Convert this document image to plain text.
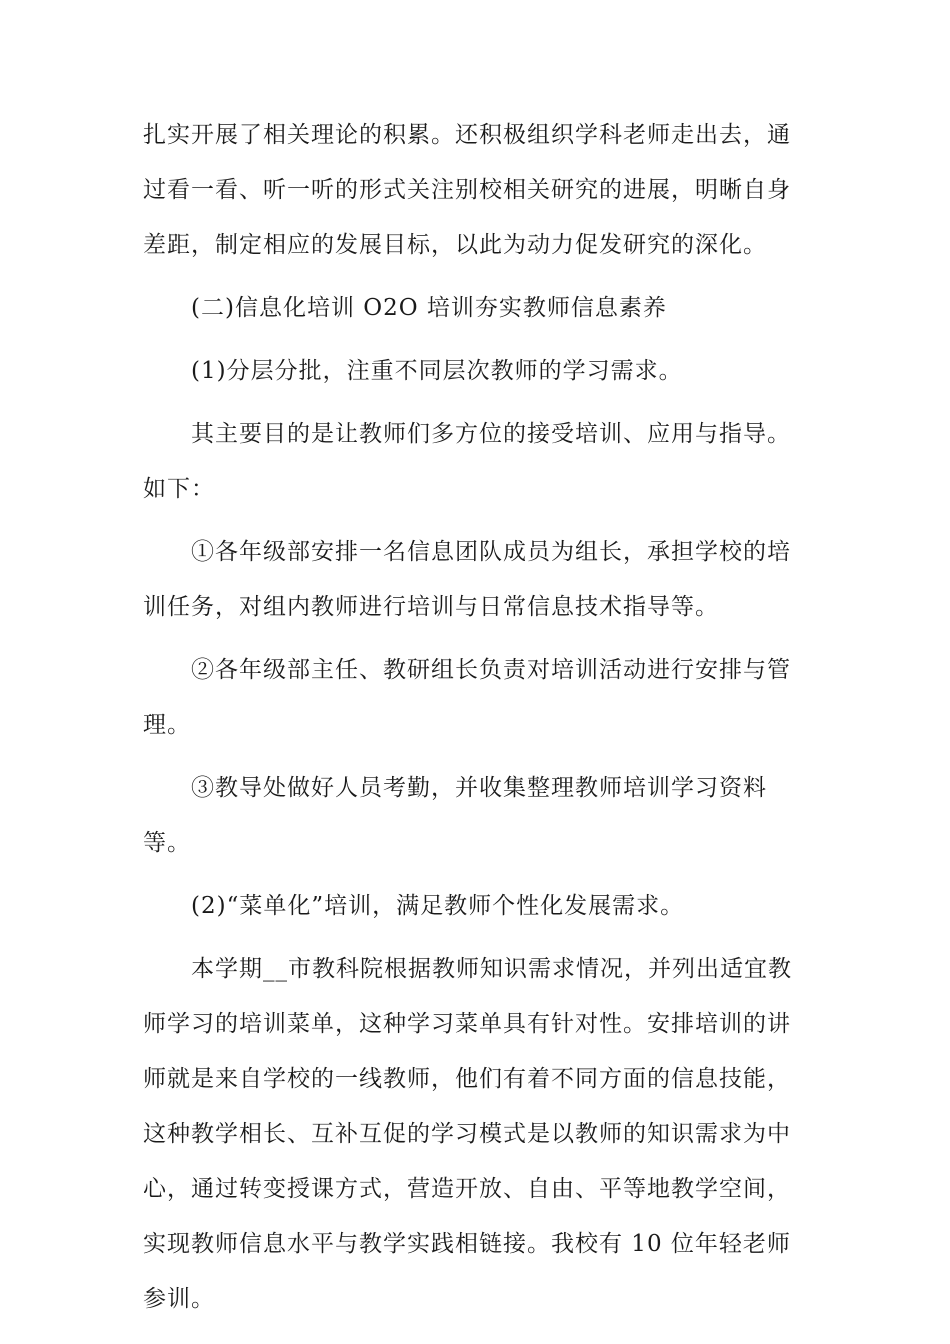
扎实开展了相关理论的积累。还积极组织学科老师走出去，通过看一看、听一听的形式关注别校相关研究的进展，明晰自身差距，制定相应的发展目标，以此为动力促发研究的深化。

(二)信息化培训 O2O 培训夯实教师信息素养

(1)分层分批，注重不同层次教师的学习需求。

其主要目的是让教师们多方位的接受培训、应用与指导。如下：

①各年级部安排一名信息团队成员为组长，承担学校的培训任务，对组内教师进行培训与日常信息技术指导等。

②各年级部主任、教研组长负责对培训活动进行安排与管理。

③教导处做好人员考勤，并收集整理教师培训学习资料等。

(2)“菜单化”培训，满足教师个性化发展需求。

本学期__市教科院根据教师知识需求情况，并列出适宜教师学习的培训菜单，这种学习菜单具有针对性。安排培训的讲师就是来自学校的一线教师，他们有着不同方面的信息技能，这种教学相长、互补互促的学习模式是以教师的知识需求为中心，通过转变授课方式，营造开放、自由、平等地教学空间，实现教师信息水平与教学实践相链接。我校有 10 位年轻老师参训。
